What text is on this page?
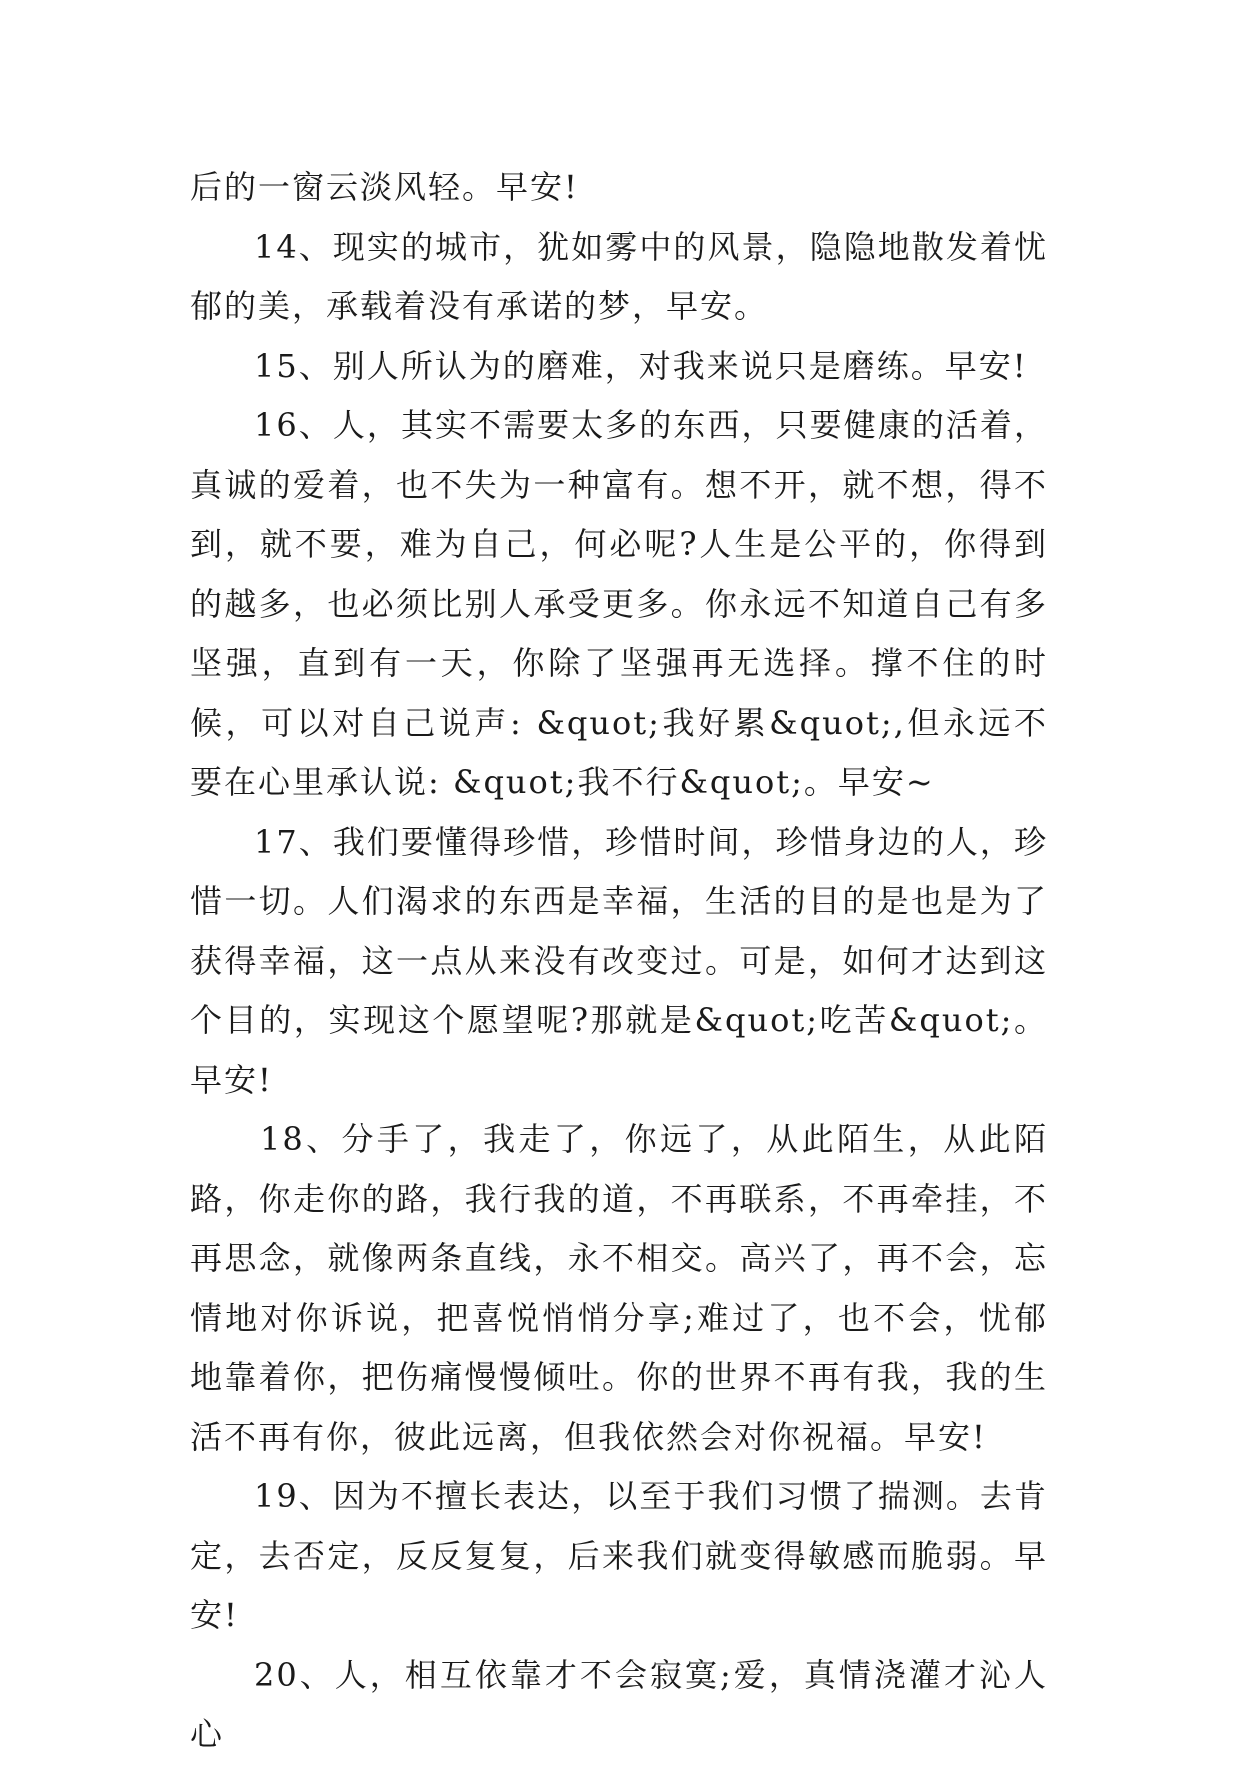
后的一窗云淡风轻。早安!

14、现实的城市，犹如雾中的风景，隐隐地散发着忧郁的美，承载着没有承诺的梦，早安。

15、别人所认为的磨难，对我来说只是磨练。早安!

16、人，其实不需要太多的东西，只要健康的活着，真诚的爱着，也不失为一种富有。想不开，就不想，得不到，就不要，难为自己，何必呢?人生是公平的，你得到的越多，也必须比别人承受更多。你永远不知道自己有多坚强，直到有一天，你除了坚强再无选择。撑不住的时候，可以对自己说声: &quot;我好累&quot;,但永远不要在心里承认说: &quot;我不行&quot;。早安~

17、我们要懂得珍惜，珍惜时间，珍惜身边的人，珍惜一切。人们渴求的东西是幸福，生活的目的是也是为了获得幸福，这一点从来没有改变过。可是，如何才达到这个目的，实现这个愿望呢?那就是&quot;吃苦&quot;。早安!

18、分手了，我走了，你远了，从此陌生，从此陌路，你走你的路，我行我的道，不再联系，不再牵挂，不再思念，就像两条直线，永不相交。高兴了，再不会，忘情地对你诉说，把喜悦悄悄分享;难过了，也不会，忧郁地靠着你，把伤痛慢慢倾吐。你的世界不再有我，我的生活不再有你，彼此远离，但我依然会对你祝福。早安!

19、因为不擅长表达，以至于我们习惯了揣测。去肯定，去否定，反反复复，后来我们就变得敏感而脆弱。早安!

20、人，相互依靠才不会寂寞;爱，真情浇灌才沁人心
